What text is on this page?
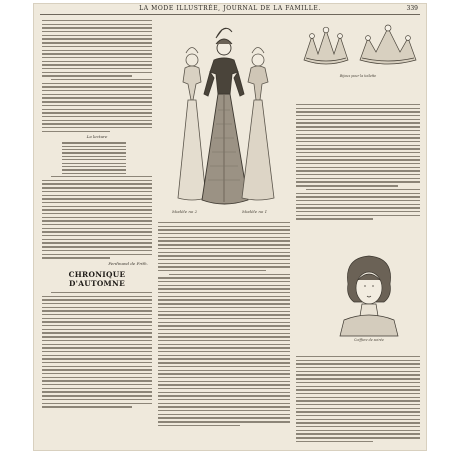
LA MODE ILLUSTRÉE, JOURNAL DE LA FAMILLE.	339
La lecture
Ferdinand de Frith.
CHRONIQUE D'AUTOMNE
Modèle no 2	Modèle no 1
Bijoux pour la toilette
Coiffure de soirée
